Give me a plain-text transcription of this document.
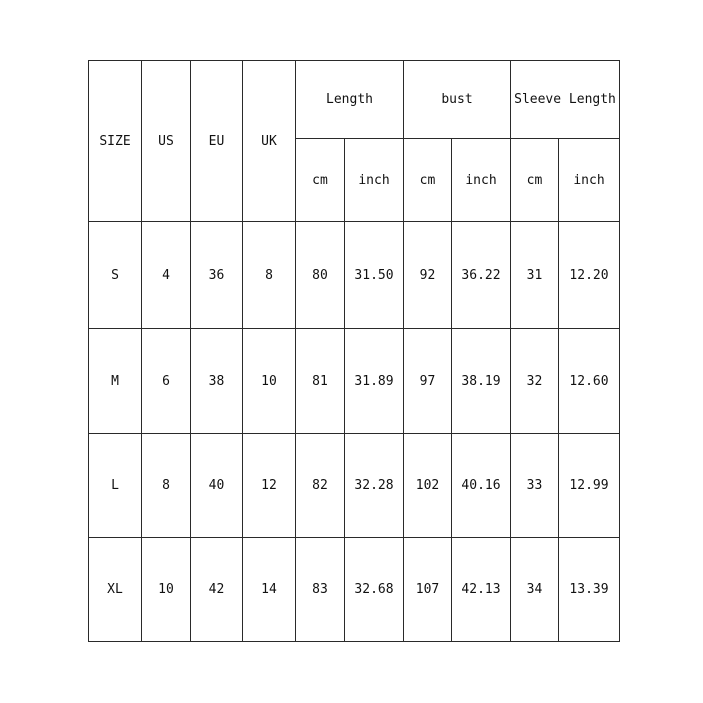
SIZE	US	EU	UK	Length		bust		Sleeve Length	
				cm	inch	cm	inch	cm	inch
S	4	36	8	80	31.50	92	36.22	31	12.20
M	6	38	10	81	31.89	97	38.19	32	12.60
L	8	40	12	82	32.28	102	40.16	33	12.99
XL	10	42	14	83	32.68	107	42.13	34	13.39
